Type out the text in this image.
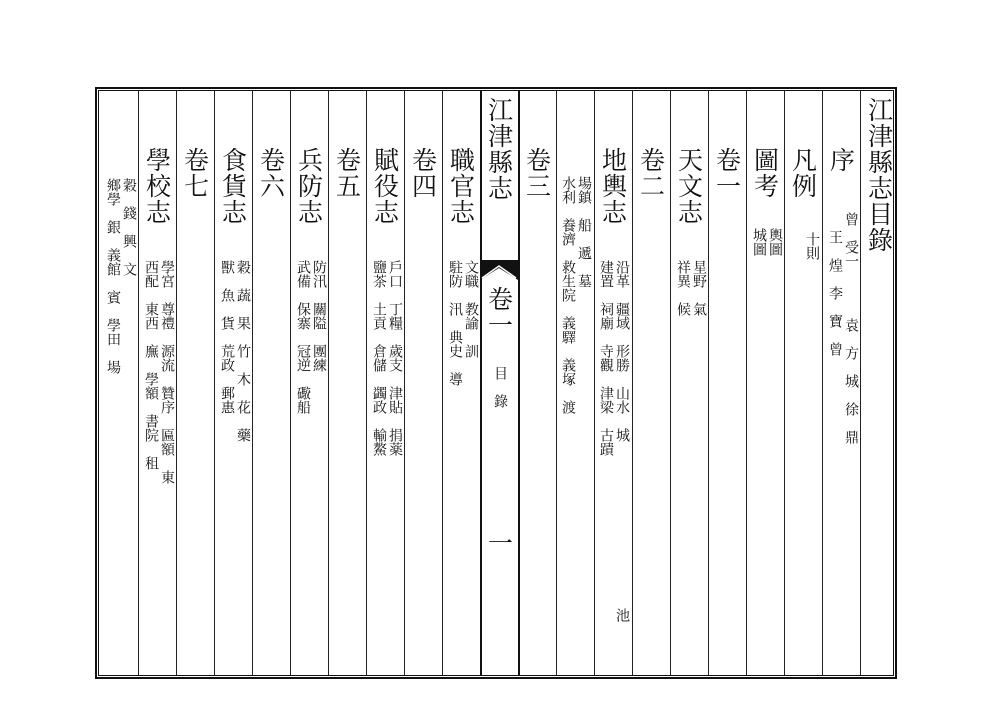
江津縣志目錄
序
曾　受一
王　煌　李　寶　曾
袁　方　城　徐　鼎
凡例
十則
圖考
輿圖
城圖
卷一
天文志
星野　氣
祥異　候
卷二
地輿志
沿革　疆域　形勝　山水　城
建置　祠廟　寺觀　津梁　古蹟
池
場鎮　船　遞　墓
水利　養濟　救生院　義驛　義塚　渡
卷三
江津縣志
卷一
目　錄
一
職官志
文職　教諭　訓
駐防　汛　典史　導
卷四
賦役志
戶口　丁糧　歲支　津貼　捐薬
鹽茶　土貢　倉儲　蠲政　輸鰲
卷五
兵防志
防汛　關隘　團練
武備　保寨　冠逆　礮船
卷六
食貨志
穀　蔬　果　竹　木　花　藥
獸　魚　貨　荒政　郵惠
卷七
學校志
學宮　尊禮　源流　贊序　匾額　東
西配　東西　廡　學額　書院　租
穀　錢　興　文
鄉學　銀　義館　賓　學田　場
